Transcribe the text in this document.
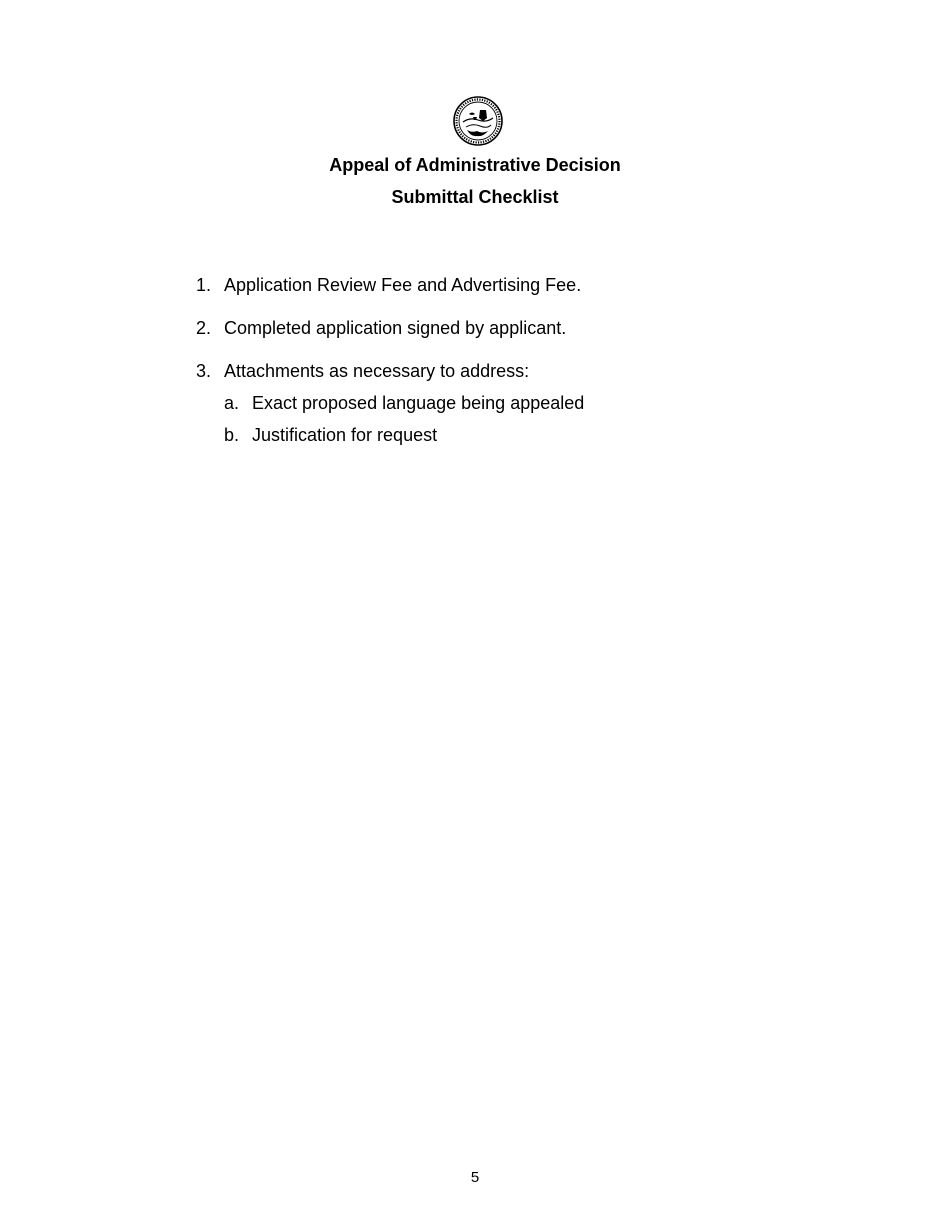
Appeal of Administrative Decision
Submittal Checklist
1. Application Review Fee and Advertising Fee.
2. Completed application signed by applicant.
3. Attachments as necessary to address:
a. Exact proposed language being appealed
b. Justification for request
5
